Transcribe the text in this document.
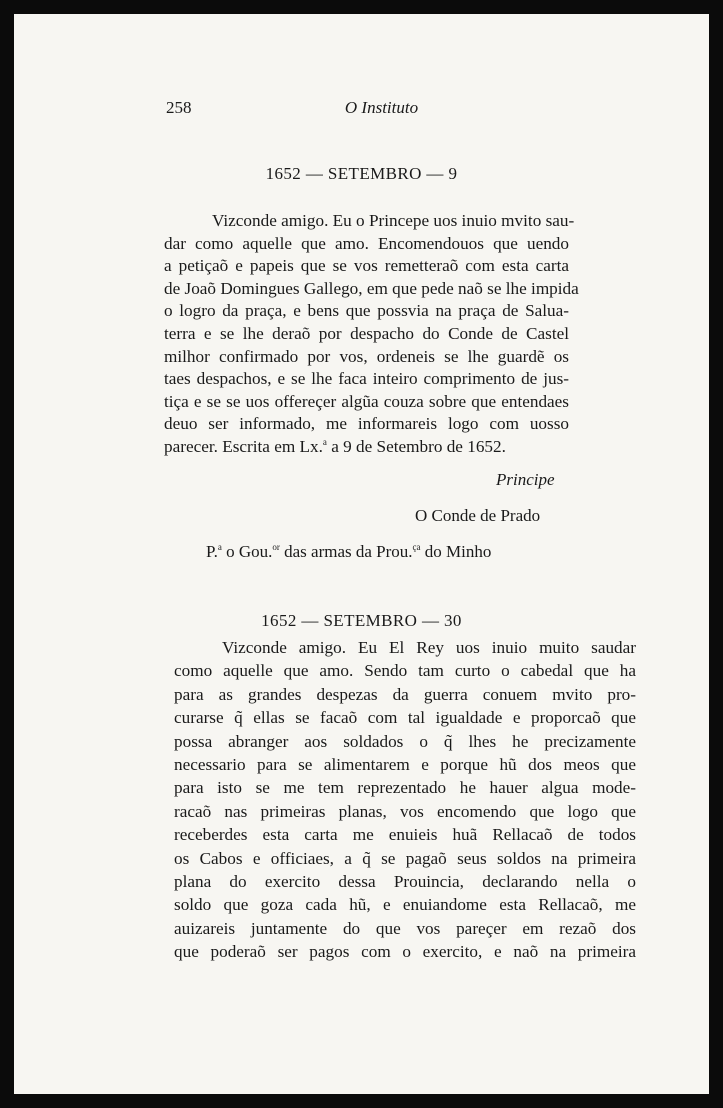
258	O Instituto
1652 — SETEMBRO — 9
Vizconde amigo. Eu o Princepe uos inuio mvito sau-
dar como aquelle que amo. Encomendouos que uendo
a petiçaõ e papeis que se vos remetteraõ com esta carta
de Joaõ Domingues Gallego, em que pede naõ se lhe impida
o logro da praça, e bens que possvia na praça de Salua-
terra e se lhe deraõ por despacho do Conde de Castel
milhor confirmado por vos, ordeneis se lhe guardẽ os
taes despachos, e se lhe faca inteiro comprimento de jus-
tiça e se se uos offereçer algũa couza sobre que entendaes
deuo ser informado, me informareis logo com uosso
parecer. Escrita em Lx.$^a$ a 9 de Setembro de 1652.
Principe
O Conde de Prado
P.$^a$ o Gou.$^{or}$ das armas da Prou.$^{ça}$ do Minho
1652 — SETEMBRO — 30
Vizconde amigo. Eu El Rey uos inuio muito saudar
como aquelle que amo. Sendo tam curto o cabedal que ha
para as grandes despezas da guerra conuem mvito pro-
curarse q̃ ellas se facaõ com tal igualdade e proporcaõ que
possa abranger aos soldados o q̃ lhes he precizamente
necessario para se alimentarem e porque hũ dos meos que
para isto se me tem reprezentado he hauer algua mode-
racaõ nas primeiras planas, vos encomendo que logo que
receberdes esta carta me enuieis huã Rellacaõ de todos
os Cabos e officiaes, a q̃ se pagaõ seus soldos na primeira
plana do exercito dessa Prouincia, declarando nella o
soldo que goza cada hũ, e enuiandome esta Rellacaõ, me
auizareis juntamente do que vos pareçer em rezaõ dos
que poderaõ ser pagos com o exercito, e naõ na primeira
